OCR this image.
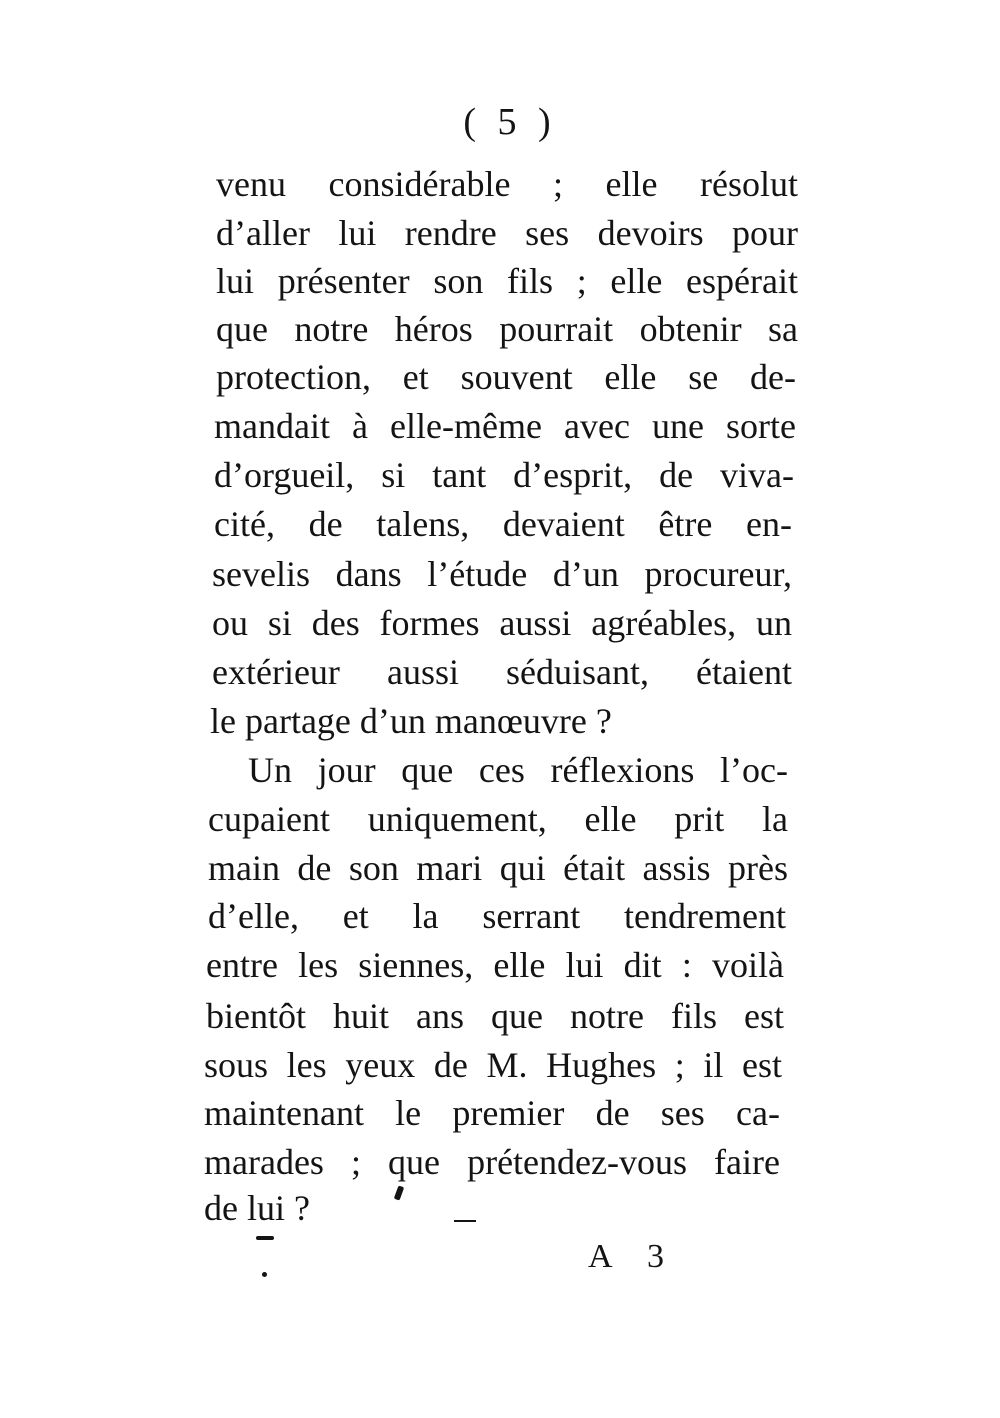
( 5 )
venu considérable ; elle résolut
d’aller lui rendre ses devoirs pour
lui présenter son fils ; elle espérait
que notre héros pourrait obtenir sa
protection, et souvent elle se de-
mandait à elle-même avec une sorte
d’orgueil, si tant d’esprit, de viva-
cité, de talens, devaient être en-
sevelis dans l’étude d’un procureur,
ou si des formes aussi agréables, un
extérieur aussi séduisant, étaient
le partage d’un manœuvre ?
Un jour que ces réflexions l’oc-
cupaient uniquement, elle prit la
main de son mari qui était assis près
d’elle, et la serrant tendrement
entre les siennes, elle lui dit : voilà
bientôt huit ans que notre fils est
sous les yeux de M. Hughes ; il est
maintenant le premier de ses ca-
marades ; que prétendez-vous faire
de lui ?
A 3
